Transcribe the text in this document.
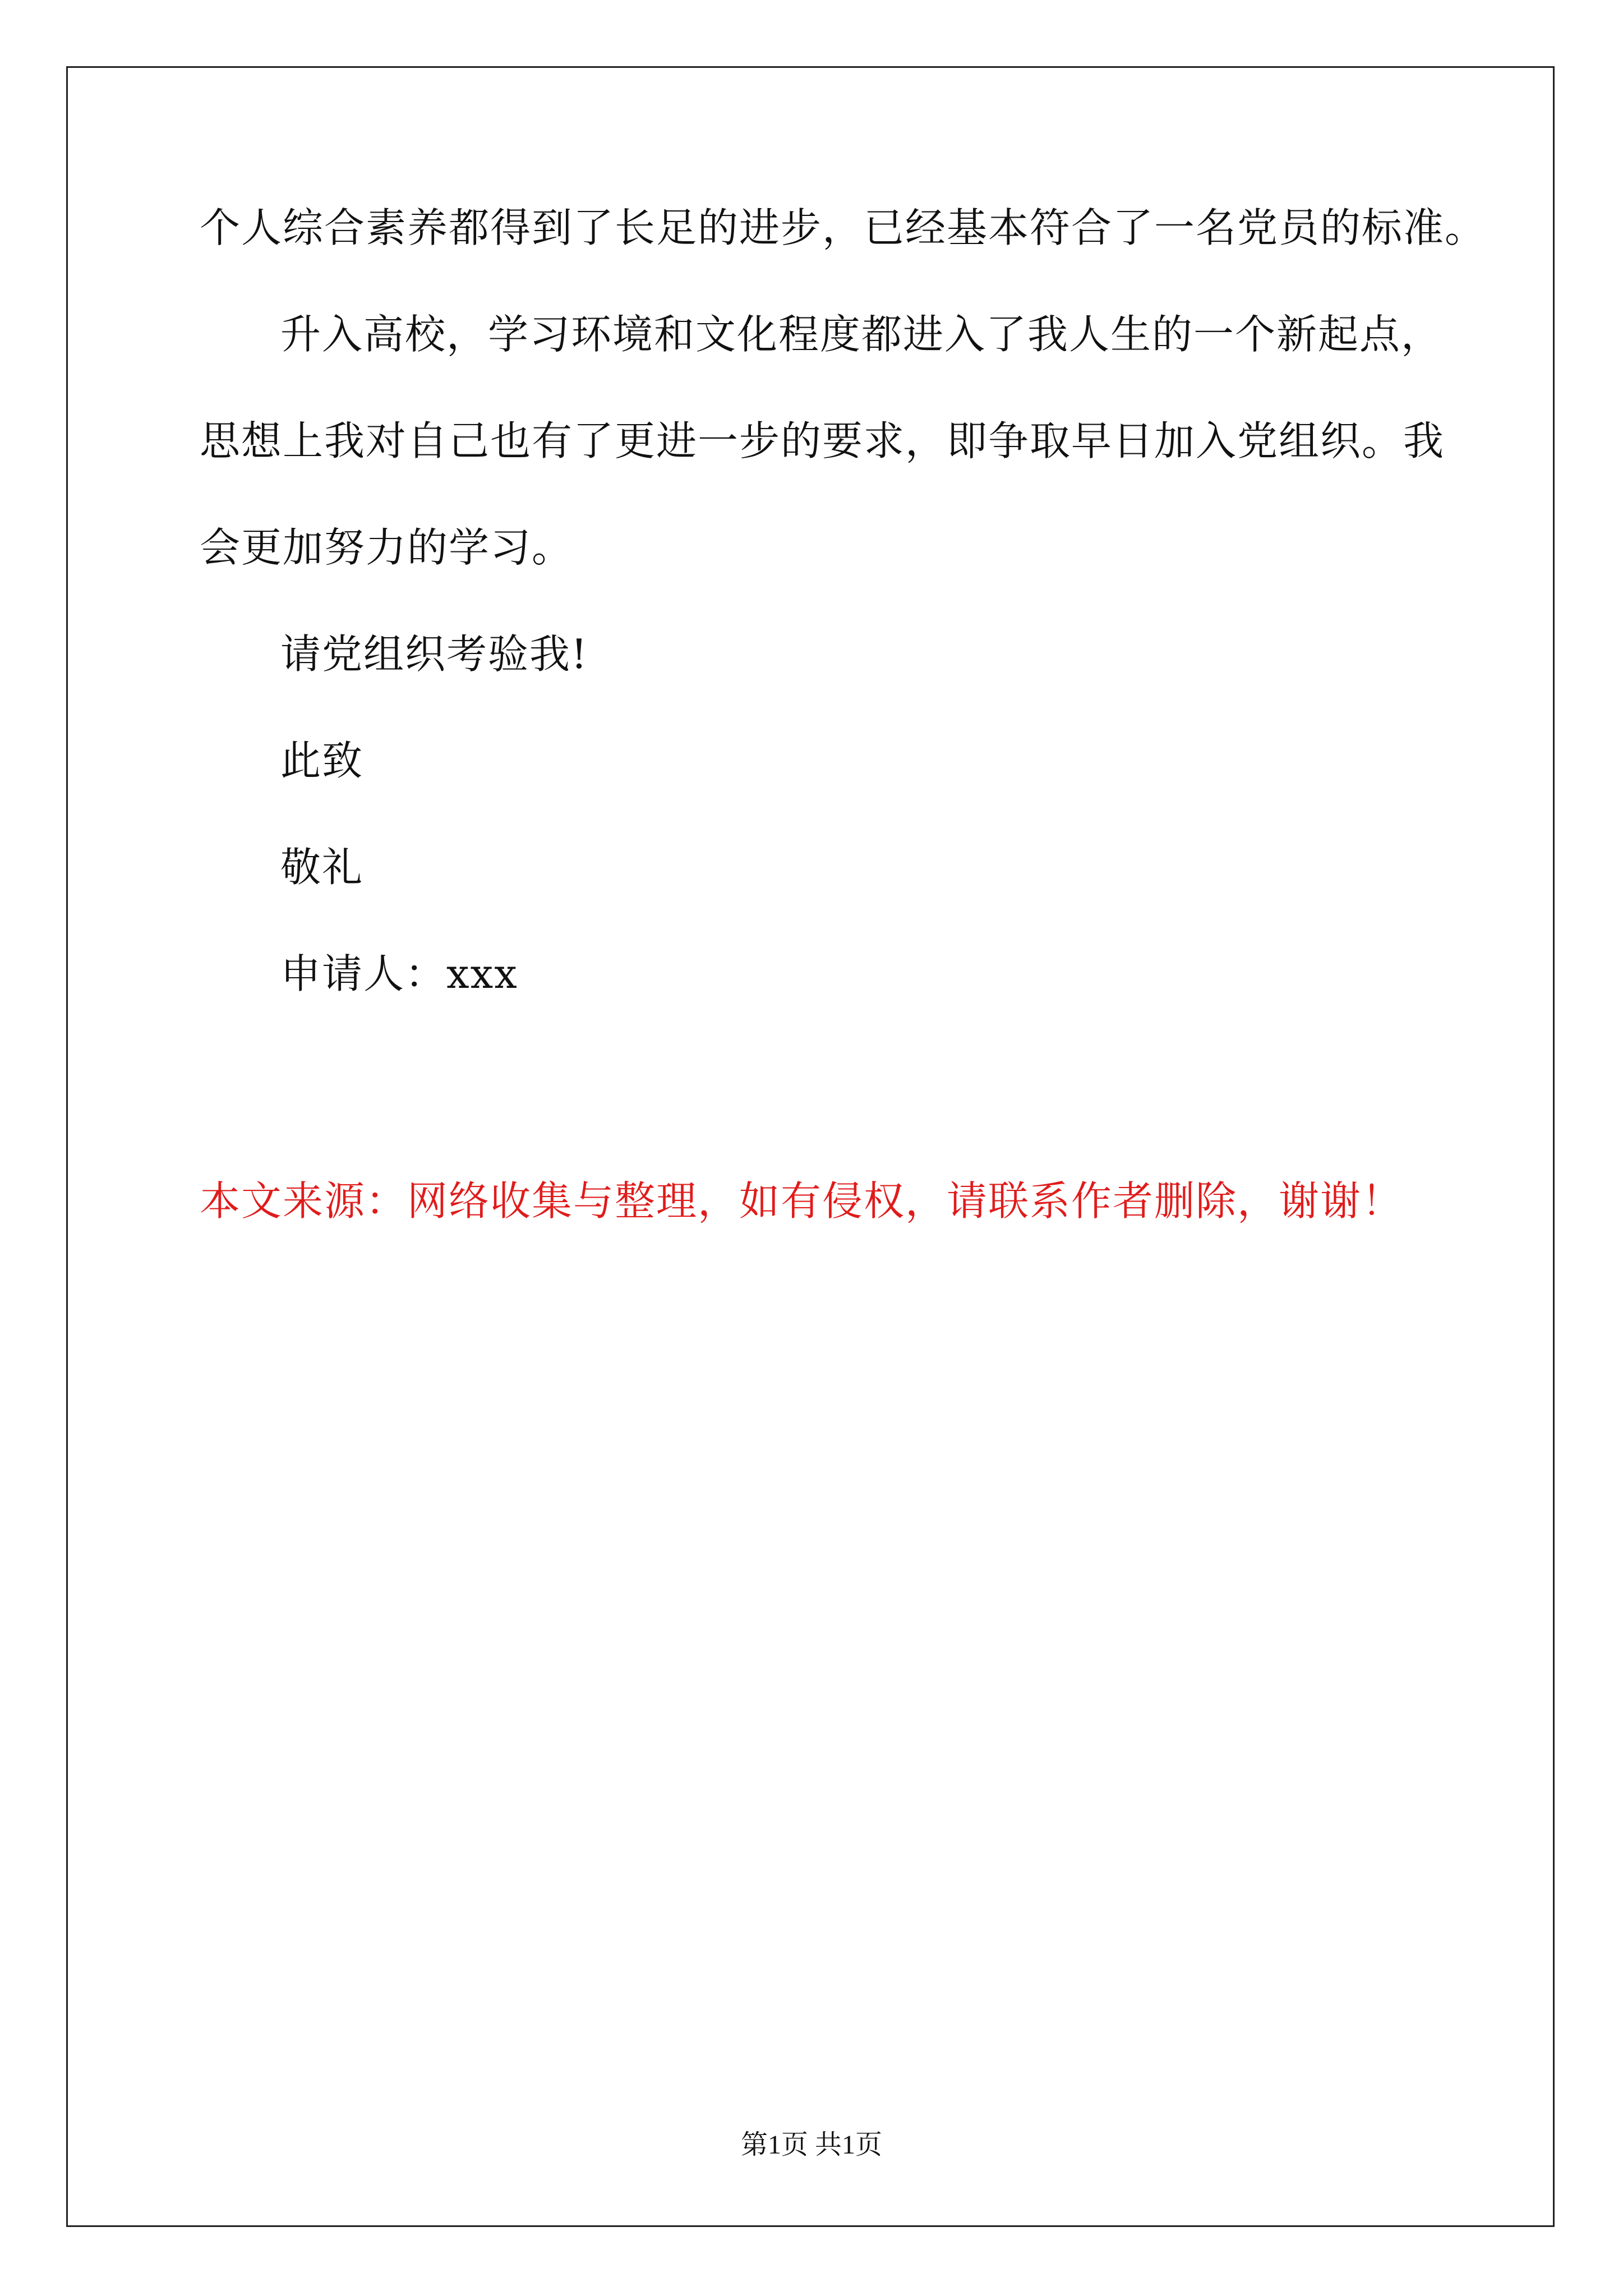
个人综合素养都得到了长足的进步，已经基本符合了一名党员的标准。
升入高校，学习环境和文化程度都进入了我人生的一个新起点，
思想上我对自己也有了更进一步的要求，即争取早日加入党组织。我
会更加努力的学习。
请党组织考验我!
此致
敬礼
申请人：xxx
本文来源：网络收集与整理，如有侵权，请联系作者删除，谢谢！
第1页 共1页
